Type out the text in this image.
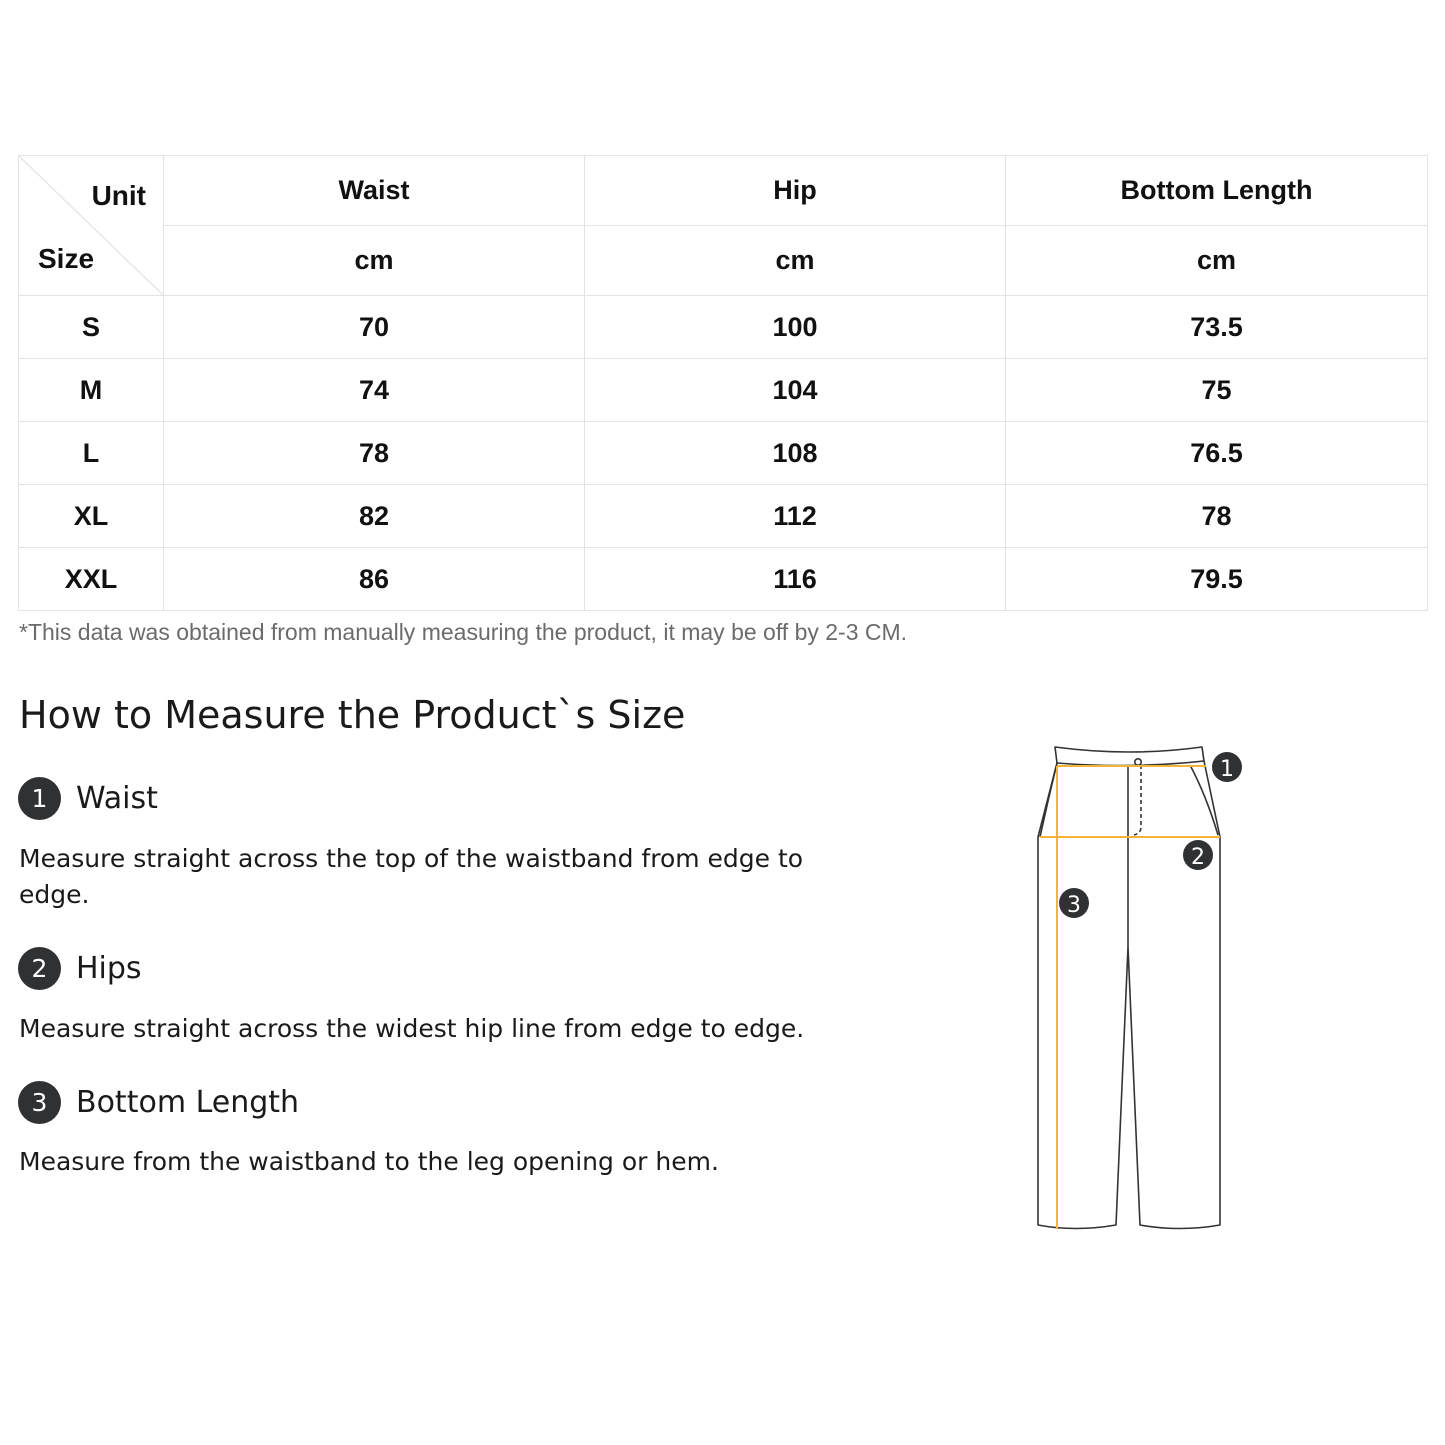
Unit
Size	Waist	Hip	Bottom Length
	cm	cm	cm
S	70	100	73.5
M	74	104	75
L	78	108	76.5
XL	82	112	78
XXL	86	116	79.5
*This data was obtained from manually measuring the product, it may be off by 2-3 CM.
How to Measure the Product`s Size
1 Waist
Measure straight across the top of the waistband from edge to edge.
2 Hips
Measure straight across the widest hip line from edge to edge.
3 Bottom Length
Measure from the waistband to the leg opening or hem.
1
2
3
